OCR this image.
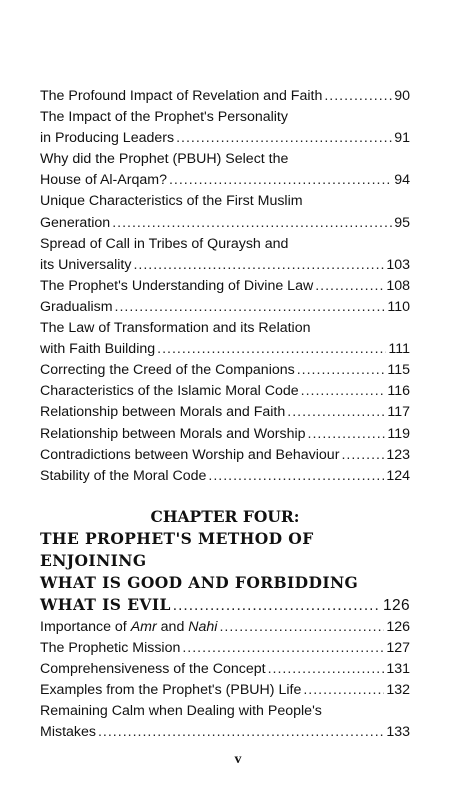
The Profound Impact of Revelation and Faith .....	90
The Impact of the Prophet's Personality
in Producing Leaders .....	91
Why did the Prophet (PBUH) Select the
House of Al-Arqam? .....	94
Unique Characteristics of the First Muslim
Generation .....	95
Spread of Call in Tribes of Quraysh and
its Universality .....	103
The Prophet's Understanding of Divine Law .....	108
Gradualism .....	110
The Law of Transformation and its Relation
with Faith Building .....	111
Correcting the Creed of the Companions .....	115
Characteristics of the Islamic Moral Code .....	116
Relationship between Morals and Faith .....	117
Relationship between Morals and Worship .....	119
Contradictions between Worship and Behaviour .....	123
Stability of the Moral Code .....	124
CHAPTER FOUR:
THE PROPHET'S METHOD OF ENJOINING
WHAT IS GOOD AND FORBIDDING
WHAT IS EVIL .....	126
Importance of Amr and Nahi .....	126
The Prophetic Mission .....	127
Comprehensiveness of the Concept .....	131
Examples from the Prophet's (PBUH) Life .....	132
Remaining Calm when Dealing with People's
Mistakes .....	133
v
